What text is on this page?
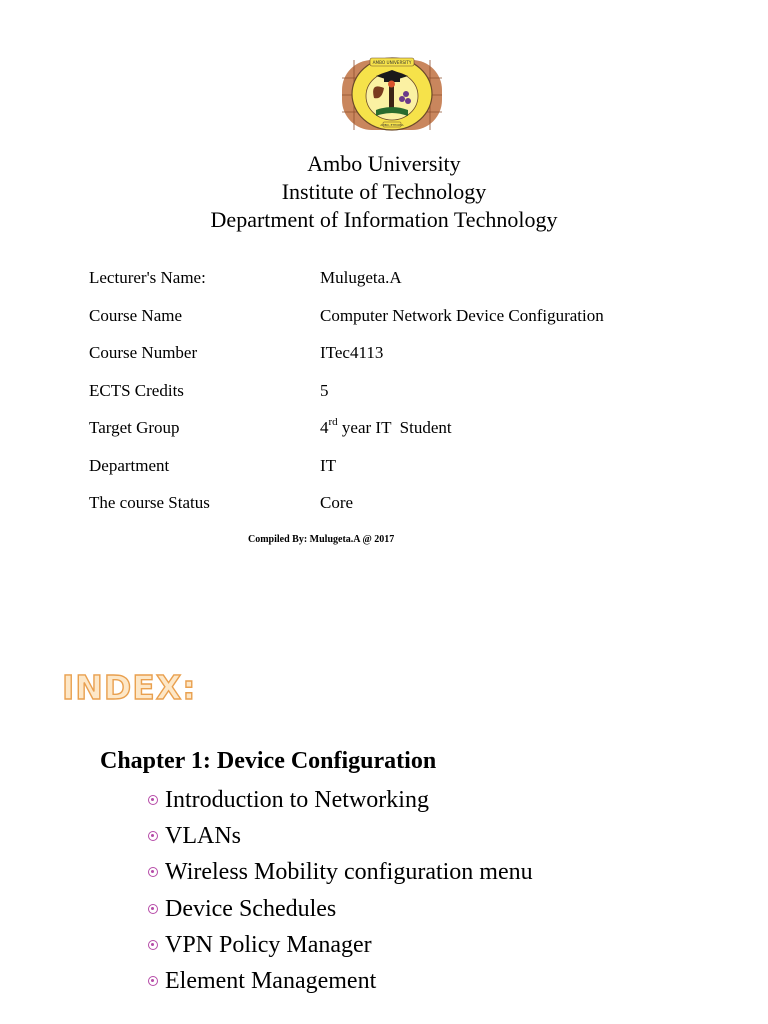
AMBO UNIVERSITY
AMBO, ETHIOPIA
Ambo University
Institute of Technology
Department of Information Technology
Lecturer's Name:	Mulugeta.A
Course Name	Computer Network Device Configuration
Course Number	ITec4113
ECTS Credits	5
Target Group	4rd year IT  Student
Department	IT
The course Status	Core
Compiled By: Mulugeta.A @ 2017
INDEX:
Chapter 1: Device Configuration
Introduction to Networking
VLANs
Wireless Mobility configuration menu
Device Schedules
VPN Policy Manager
Element Management
